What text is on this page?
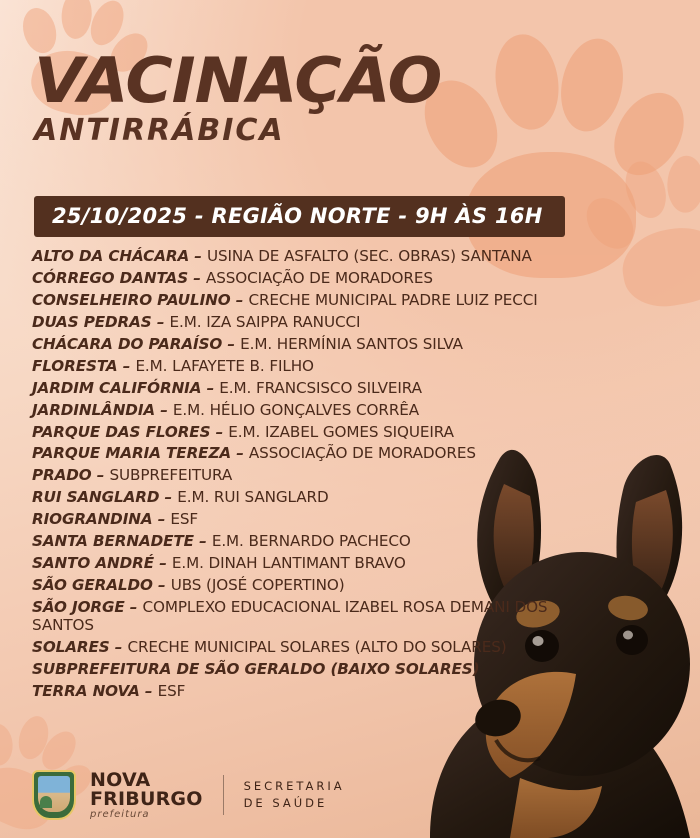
VACINAÇÃO
ANTIRRÁBICA
25/10/2025 - REGIÃO NORTE - 9H ÀS 16H
ALTO DA CHÁCARA – USINA DE ASFALTO (SEC. OBRAS) SANTANA
CÓRREGO DANTAS – ASSOCIAÇÃO DE MORADORES
CONSELHEIRO PAULINO – CRECHE MUNICIPAL PADRE LUIZ PECCI
DUAS PEDRAS – E.M. IZA SAIPPA RANUCCI
CHÁCARA DO PARAÍSO – E.M. HERMÍNIA SANTOS SILVA
FLORESTA – E.M. LAFAYETE B. FILHO
JARDIM CALIFÓRNIA – E.M. FRANCSISCO SILVEIRA
JARDINLÂNDIA – E.M. HÉLIO GONÇALVES CORRÊA
PARQUE DAS FLORES – E.M. IZABEL GOMES SIQUEIRA
PARQUE MARIA TEREZA – ASSOCIAÇÃO DE MORADORES
PRADO – SUBPREFEITURA
RUI SANGLARD – E.M. RUI SANGLARD
RIOGRANDINA – ESF
SANTA BERNADETE – E.M. BERNARDO PACHECO
SANTO ANDRÉ – E.M. DINAH LANTIMANT BRAVO
SÃO GERALDO – UBS (JOSÉ COPERTINO)
SÃO JORGE – COMPLEXO EDUCACIONAL IZABEL ROSA DEMANI DOS SANTOS
SOLARES – CRECHE MUNICIPAL SOLARES (ALTO DO SOLARES)
SUBPREFEITURA DE SÃO GERALDO (BAIXO SOLARES)
TERRA NOVA – ESF
NOVA
FRIBURGO
prefeitura
SECRETARIA
DE SAÚDE
